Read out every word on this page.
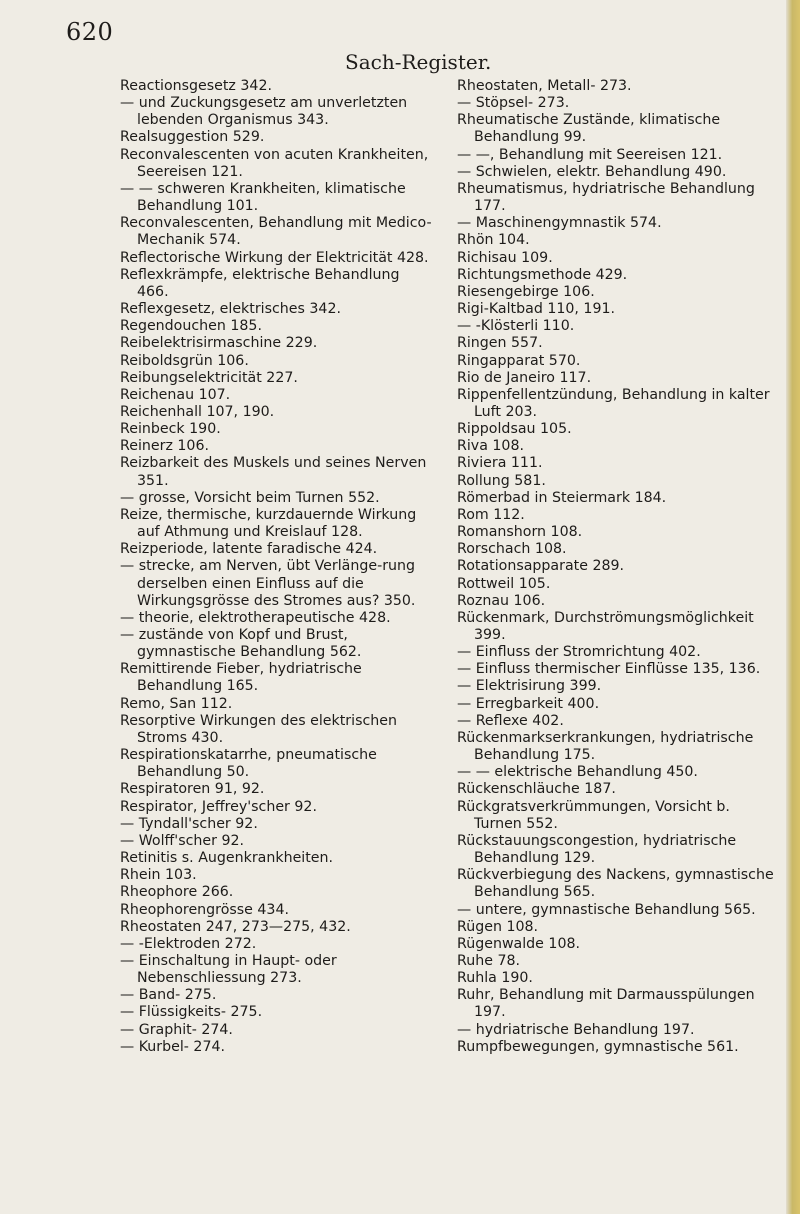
620
Sach-Register.

Reactionsgesetz 342.

— und Zuckungsgesetz am unverletzten lebenden Organismus 343.

Realsuggestion 529.

Reconvalescenten von acuten Krankheiten, Seereisen 121.

— — schweren Krankheiten, klimatische Behandlung 101.

Reconvalescenten, Behandlung mit Medico-Mechanik 574.

Reflectorische Wirkung der Elektricität 428.

Reflexkrämpfe, elektrische Behandlung 466.

Reflexgesetz, elektrisches 342.

Regendouchen 185.

Reibelektrisirmaschine 229.

Reiboldsgrün 106.

Reibungselektricität 227.

Reichenau 107.

Reichenhall 107, 190.

Reinbeck 190.

Reinerz 106.

Reizbarkeit des Muskels und seines Nerven 351.

— grosse, Vorsicht beim Turnen 552.

Reize, thermische, kurzdauernde Wirkung auf Athmung und Kreislauf 128.

Reizperiode, latente faradische 424.

— strecke, am Nerven, übt Verlänge-rung derselben einen Einfluss auf die Wirkungsgrösse des Stromes aus? 350.

— theorie, elektrotherapeutische 428.

— zustände von Kopf und Brust, gymnastische Behandlung 562.

Remittirende Fieber, hydriatrische Behandlung 165.

Remo, San 112.

Resorptive Wirkungen des elektrischen Stroms 430.

Respirationskatarrhe, pneumatische Behandlung 50.

Respiratoren 91, 92.

Respirator, Jeffrey'scher 92.

— Tyndall'scher 92.

— Wolff'scher 92.

Retinitis s. Augenkrankheiten.

Rhein 103.

Rheophore 266.

Rheophorengrösse 434.

Rheostaten 247, 273—275, 432.

— -Elektroden 272.

— Einschaltung in Haupt- oder Nebenschliessung 273.

— Band- 275.

— Flüssigkeits- 275.

— Graphit- 274.

— Kurbel- 274.

Rheostaten, Metall- 273.

— Stöpsel- 273.

Rheumatische Zustände, klimatische Behandlung 99.

— —, Behandlung mit Seereisen 121.

— Schwielen, elektr. Behandlung 490.

Rheumatismus, hydriatrische Behandlung 177.

— Maschinengymnastik 574.

Rhön 104.

Richisau 109.

Richtungsmethode 429.

Riesengebirge 106.

Rigi-Kaltbad 110, 191.

— -Klösterli 110.

Ringen 557.

Ringapparat 570.

Rio de Janeiro 117.

Rippenfellentzündung, Behandlung in kalter Luft 203.

Rippoldsau 105.

Riva 108.

Riviera 111.

Rollung 581.

Römerbad in Steiermark 184.

Rom 112.

Romanshorn 108.

Rorschach 108.

Rotationsapparate 289.

Rottweil 105.

Roznau 106.

Rückenmark, Durchströmungsmöglichkeit 399.

— Einfluss der Stromrichtung 402.

— Einfluss thermischer Einflüsse 135, 136.

— Elektrisirung 399.

— Erregbarkeit 400.

— Reflexe 402.

Rückenmarkserkrankungen, hydriatrische Behandlung 175.

— — elektrische Behandlung 450.

Rückenschläuche 187.

Rückgratsverkrümmungen, Vorsicht b. Turnen 552.

Rückstauungscongestion, hydriatrische Behandlung 129.

Rückverbiegung des Nackens, gymnastische Behandlung 565.

— untere, gymnastische Behandlung 565.

Rügen 108.

Rügenwalde 108.

Ruhe 78.

Ruhla 190.

Ruhr, Behandlung mit Darmausspülungen 197.

— hydriatrische Behandlung 197.

Rumpfbewegungen, gymnastische 561.
